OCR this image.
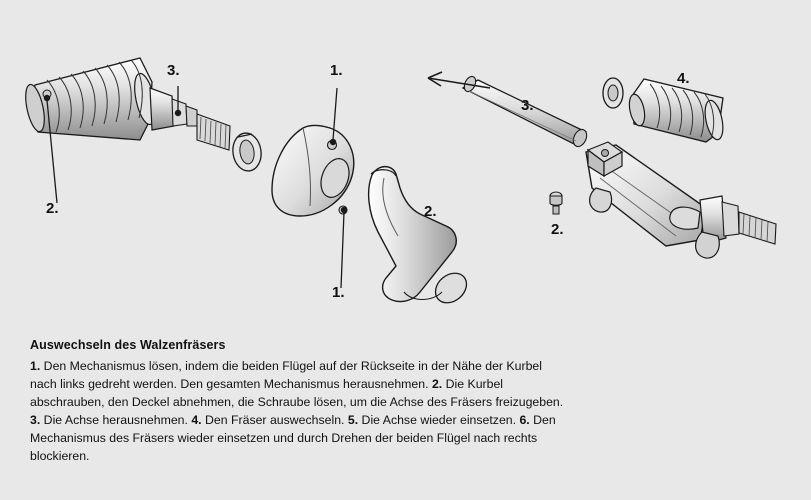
3.
2.
1.
1.
2.
3.
4.
2.

Auswechseln des Walzenfräsers

1. Den Mechanismus lösen, indem die beiden Flügel auf der Rückseite in der Nähe der Kurbel nach links gedreht werden. Den gesamten Mechanismus herausnehmen. 2. Die Kurbel abschrauben, den Deckel abnehmen, die Schraube lösen, um die Achse des Fräsers freizugeben. 3. Die Achse herausnehmen. 4. Den Fräser auswechseln. 5. Die Achse wieder einsetzen. 6. Den Mechanismus des Fräsers wieder einsetzen und durch Drehen der beiden Flügel nach rechts blockieren.
